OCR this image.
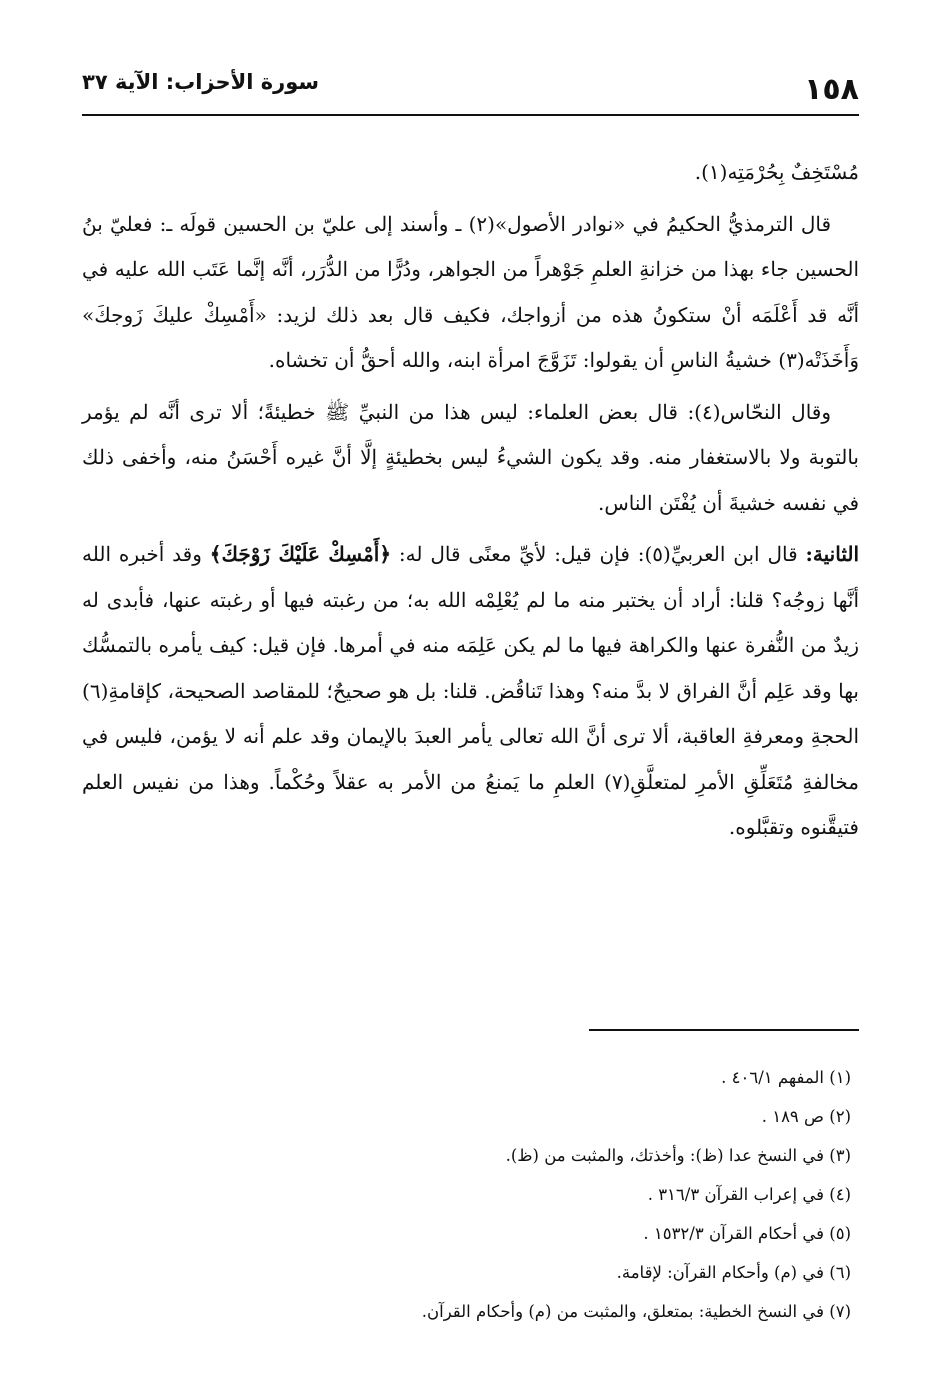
١٥٨
سورة الأحزاب: الآية ٣٧

مُسْتَخِفٌ بِحُرْمَتِه(١).

قال الترمذيُّ الحكيمُ في «نوادر الأصول»(٢) ـ وأسند إلى عليّ بن الحسين قولَه ـ: فعليّ بنُ الحسين جاء بهذا من خزانةِ العلمِ جَوْهراً من الجواهر، ودُرًّا من الدُّرَر، أنَّه إنَّما عَتَب الله عليه في أنَّه قد أَعْلَمَه أنْ ستكونُ هذه من أزواجك، فكيف قال بعد ذلك لزيد: «أَمْسِكْ عليكَ زَوجكَ» وَأَخَذَتْه(٣) خشيةُ الناسِ أن يقولوا: تَزَوَّجَ امرأة ابنه، والله أحقُّ أن تخشاه.

وقال النحّاس(٤): قال بعض العلماء: ليس هذا من النبيِّ ﷺ خطيئةً؛ ألا ترى أنَّه لم يؤمر بالتوبة ولا بالاستغفار منه. وقد يكون الشيءُ ليس بخطيئةٍ إلَّا أنَّ غيره أَحْسَنُ منه، وأخفى ذلك في نفسه خشيةَ أن يُفْتَن الناس.

الثانية: قال ابن العربيِّ(٥): فإن قيل: لأيِّ معنًى قال له: ﴿أَمْسِكْ عَلَيْكَ زَوْجَكَ﴾ وقد أخبره الله أنَّها زوجُه؟ قلنا: أراد أن يختبر منه ما لم يُعْلِمْه الله به؛ من رغبته فيها أو رغبته عنها، فأبدى له زيدٌ من النُّفرة عنها والكراهة فيها ما لم يكن عَلِمَه منه في أمرها. فإن قيل: كيف يأمره بالتمسُّك بها وقد عَلِم أنَّ الفراق لا بدَّ منه؟ وهذا تَناقُض. قلنا: بل هو صحيحٌ؛ للمقاصد الصحيحة، كإقامةِ(٦) الحجةِ ومعرفةِ العاقبة، ألا ترى أنَّ الله تعالى يأمر العبدَ بالإيمان وقد علم أنه لا يؤمن، فليس في مخالفةِ مُتَعَلِّقِ الأمرِ لمتعلَّقِ(٧) العلمِ ما يَمنعُ من الأمر به عقلاً وحُكْماً. وهذا من نفيس العلم فتيقَّنوه وتقبَّلوه.

(١) المفهم ٤٠٦/١ .

(٢) ص ١٨٩ .

(٣) في النسخ عدا (ظ): وأخذتك، والمثبت من (ظ).

(٤) في إعراب القرآن ٣١٦/٣ .

(٥) في أحكام القرآن ١٥٣٢/٣ .

(٦) في (م) وأحكام القرآن: لإقامة.

(٧) في النسخ الخطية: بمتعلق، والمثبت من (م) وأحكام القرآن.
